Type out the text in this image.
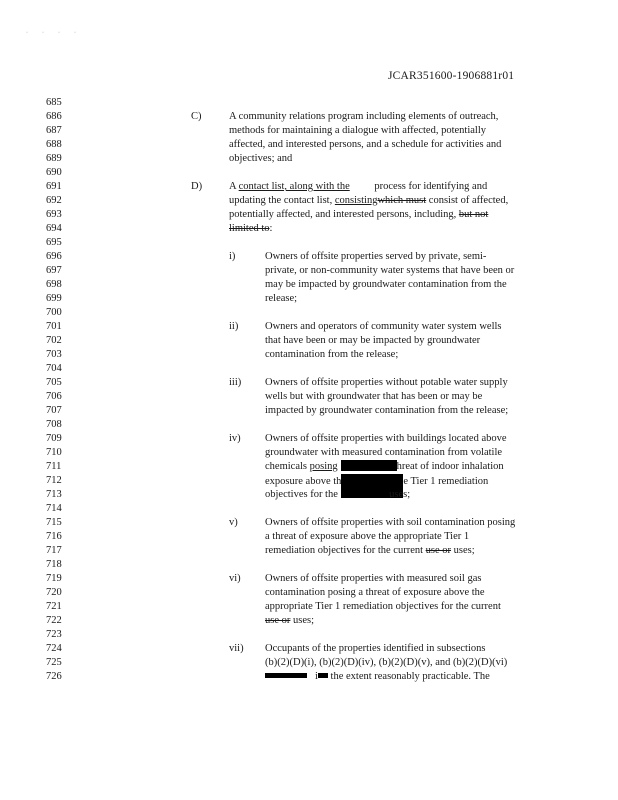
····
JCAR351600-1906881r01
685
686
687
688
689
690
691
692
693
694
695
696
697
698
699
700
701
702
703
704
705
706
707
708
709
710
711
712
713
714
715
716
717
718
719
720
721
722
723
724
725
726
C)	A community relations program including elements of outreach,
methods for maintaining a dialogue with affected, potentially
affected, and interested persons, and a schedule for activities and
objectives; and
D)	A contact list, along with the process for identifying and
updating the contact list, consistingwhich must consist of affected,
potentially affected, and interested persons, including, but not
limited to:
i)	Owners of offsite properties served by private, semi-
private, or non-community water systems that have been or
may be impacted by groundwater contamination from the
release;
ii)	Owners and operators of community water system wells
that have been or may be impacted by groundwater
contamination from the release;
iii) Owners of offsite properties without potable water supply
wells but with groundwater that has been or may be
impacted by groundwater contamination from the release;
iv) Owners of offsite properties with buildings located above
groundwater with measured contamination from volatile
chemicals posing	hreat of indoor inhalation
exposure above th	e Tier 1 remediation
objectives for the	uses;
v)	Owners of offsite properties with soil contamination posing
a threat of exposure above the appropriate Tier 1
remediation objectives for the current use or uses;
vi) Owners of offsite properties with measured soil gas
contamination posing a threat of exposure above the
appropriate Tier 1 remediation objectives for the current
use or uses;
vii) Occupants of the properties identified in subsections
(b)(2)(D)(i), (b)(2)(D)(iv), (b)(2)(D)(v), and (b)(2)(D)(vi)
i the extent reasonably practicable. The
